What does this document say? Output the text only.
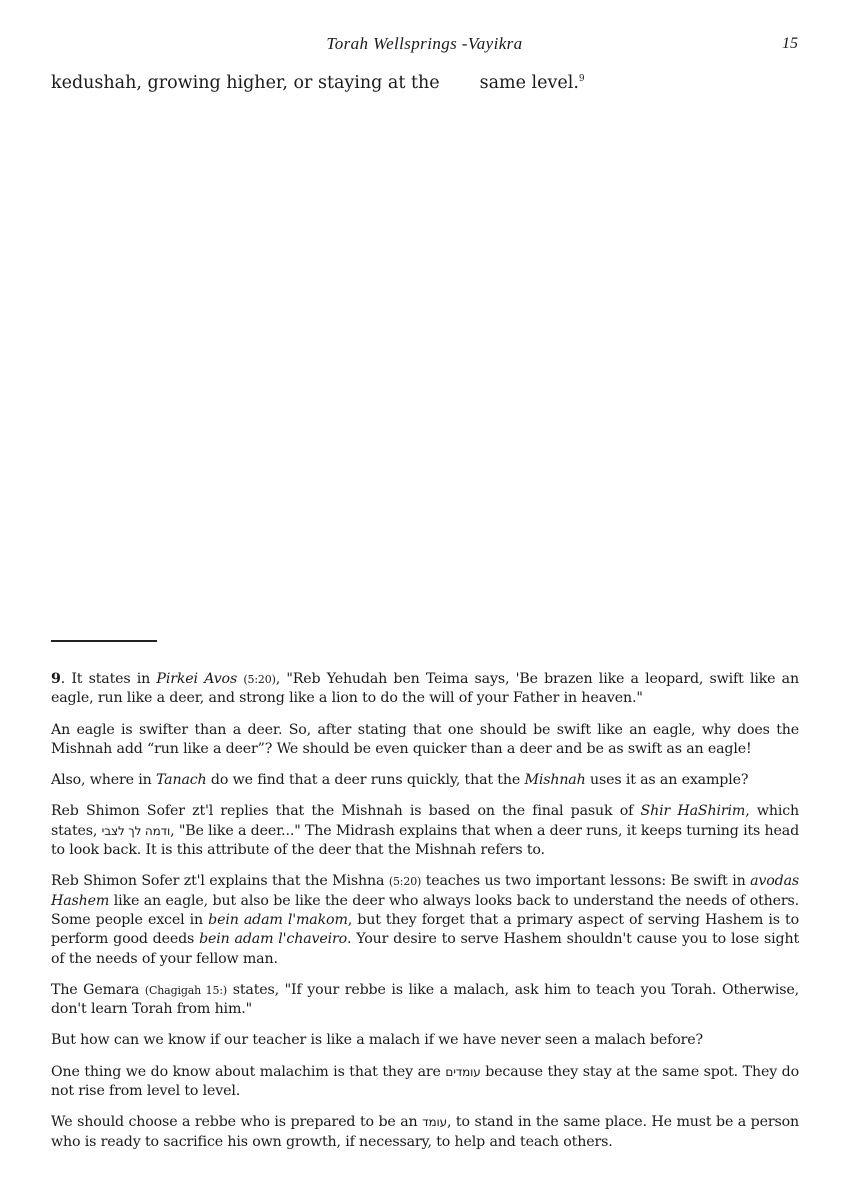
Torah Wellsprings -Vayikra	15
kedushah, growing higher, or staying at the same level.$^9$

9. It states in Pirkei Avos (5:20), "Reb Yehudah ben Teima says, 'Be brazen like a leopard, swift like an eagle, run like a deer, and strong like a lion to do the will of your Father in heaven."

An eagle is swifter than a deer. So, after stating that one should be swift like an eagle, why does the Mishnah add “run like a deer”? We should be even quicker than a deer and be as swift as an eagle!

Also, where in Tanach do we find that a deer runs quickly, that the Mishnah uses it as an example?

Reb Shimon Sofer zt'l replies that the Mishnah is based on the final pasuk of Shir HaShirim, which states, ודמה לך לצבי, "Be like a deer..." The Midrash explains that when a deer runs, it keeps turning its head to look back. It is this attribute of the deer that the Mishnah refers to.

Reb Shimon Sofer zt'l explains that the Mishna (5:20) teaches us two important lessons: Be swift in avodas Hashem like an eagle, but also be like the deer who always looks back to understand the needs of others. Some people excel in bein adam l'makom, but they forget that a primary aspect of serving Hashem is to perform good deeds bein adam l'chaveiro. Your desire to serve Hashem shouldn't cause you to lose sight of the needs of your fellow man.

The Gemara (Chagigah 15:) states, "If your rebbe is like a malach, ask him to teach you Torah. Otherwise, don't learn Torah from him."

But how can we know if our teacher is like a malach if we have never seen a malach before?

One thing we do know about malachim is that they are עומדים because they stay at the same spot. They do not rise from level to level.

We should choose a rebbe who is prepared to be an עומד, to stand in the same place. He must be a person who is ready to sacrifice his own growth, if necessary, to help and teach others.
